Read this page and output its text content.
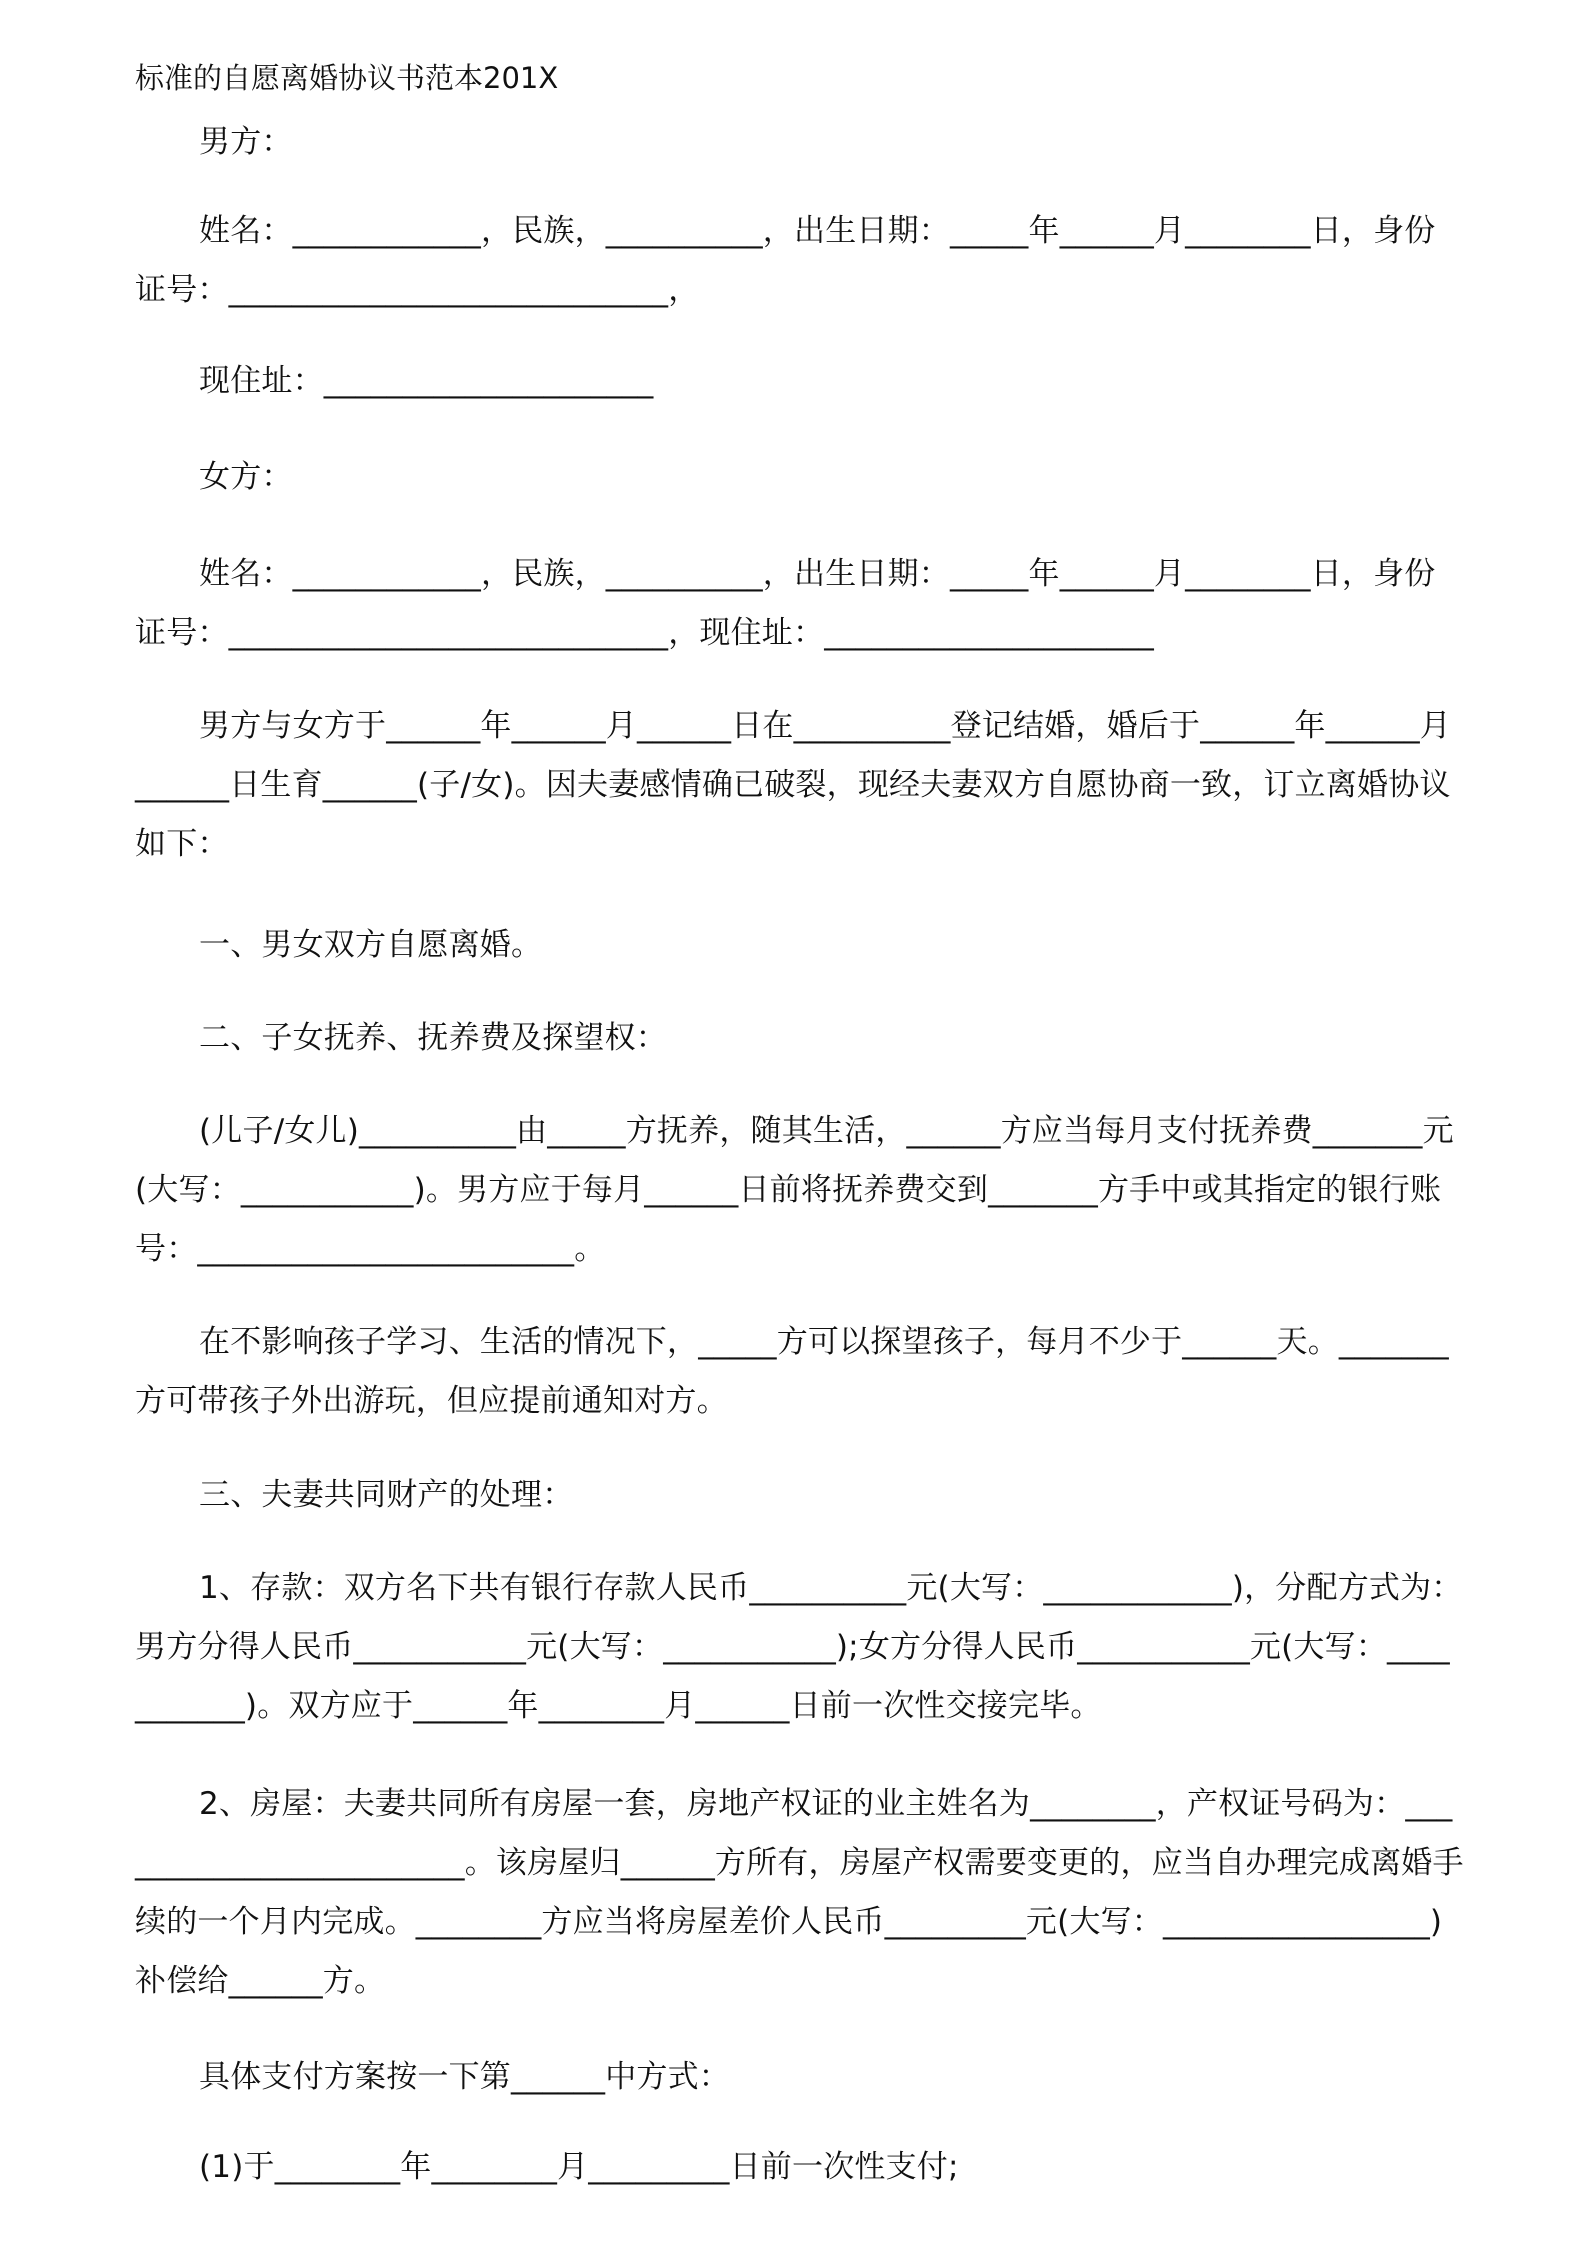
标准的自愿离婚协议书范本201X
男方：
姓名：____________，民族，__________，出生日期：_____年______月________日，身份证号：____________________________，
现住址：_____________________
女方：
姓名：____________，民族，__________，出生日期：_____年______月________日，身份证号：____________________________，现住址：_____________________
男方与女方于______年______月______日在__________登记结婚，婚后于______年______月______日生育______(子/女)。因夫妻感情确已破裂，现经夫妻双方自愿协商一致，订立离婚协议如下：
一、男女双方自愿离婚。
二、子女抚养、抚养费及探望权：
(儿子/女儿)__________由_____方抚养，随其生活，______方应当每月支付抚养费_______元(大写：___________)。男方应于每月______日前将抚养费交到_______方手中或其指定的银行账号：________________________。
在不影响孩子学习、生活的情况下，_____方可以探望孩子，每月不少于______天。_______方可带孩子外出游玩，但应提前通知对方。
三、夫妻共同财产的处理：
1、存款：双方名下共有银行存款人民币__________元(大写：____________)，分配方式为：男方分得人民币___________元(大写：___________);女方分得人民币___________元(大写：___________)。双方应于______年________月______日前一次性交接完毕。
2、房屋：夫妻共同所有房屋一套，房地产权证的业主姓名为________，产权证号码为：________________________。该房屋归______方所有，房屋产权需要变更的，应当自办理完成离婚手续的一个月内完成。________方应当将房屋差价人民币_________元(大写：_________________)补偿给______方。
具体支付方案按一下第______中方式：
(1)于________年________月_________日前一次性支付;
